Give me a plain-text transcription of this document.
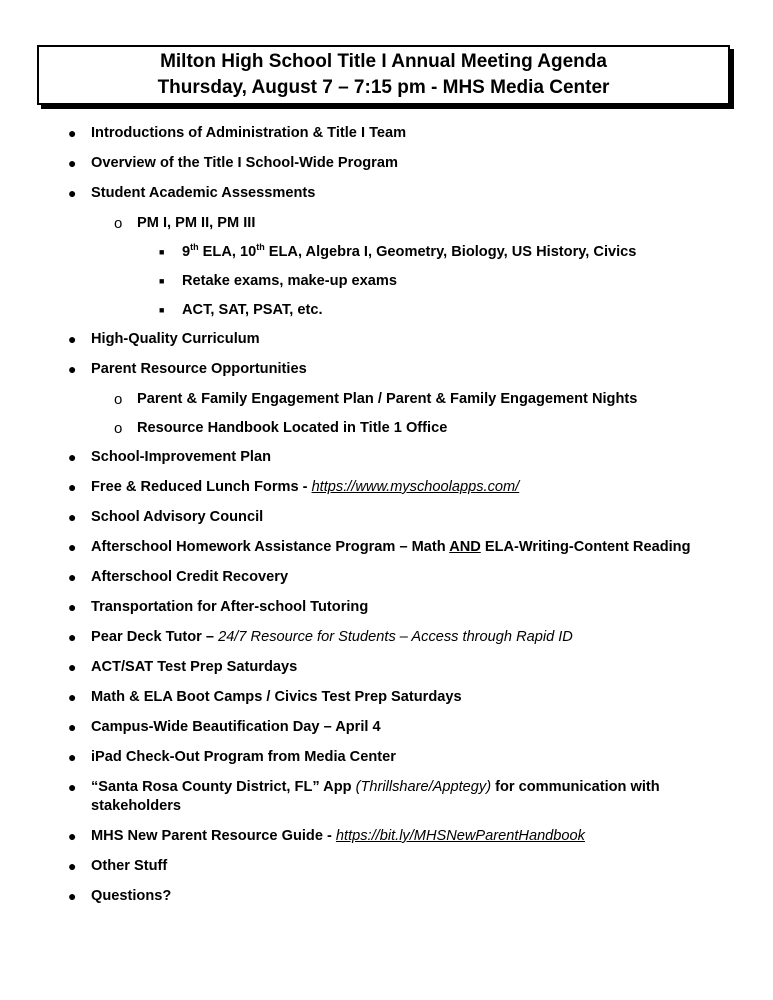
Milton High School Title I Annual Meeting Agenda
Thursday, August 7 – 7:15 pm - MHS Media Center
● Introductions of Administration & Title I Team
● Overview of the Title I School-Wide Program
● Student Academic Assessments
o PM I, PM II, PM III
■ 9th ELA, 10th ELA, Algebra I, Geometry, Biology, US History, Civics
■ Retake exams, make-up exams
■ ACT, SAT, PSAT, etc.
● High-Quality Curriculum
● Parent Resource Opportunities
o Parent & Family Engagement Plan / Parent & Family Engagement Nights
o Resource Handbook Located in Title 1 Office
● School-Improvement Plan
● Free & Reduced Lunch Forms - https://www.myschoolapps.com/
● School Advisory Council
● Afterschool Homework Assistance Program – Math AND ELA-Writing-Content Reading
● Afterschool Credit Recovery
● Transportation for After-school Tutoring
● Pear Deck Tutor – 24/7 Resource for Students – Access through Rapid ID
● ACT/SAT Test Prep Saturdays
● Math & ELA Boot Camps / Civics Test Prep Saturdays
● Campus-Wide Beautification Day – April 4
● iPad Check-Out Program from Media Center
● “Santa Rosa County District, FL” App (Thrillshare/Apptegy) for communication with stakeholders
● MHS New Parent Resource Guide - https://bit.ly/MHSNewParentHandbook
● Other Stuff
● Questions?
